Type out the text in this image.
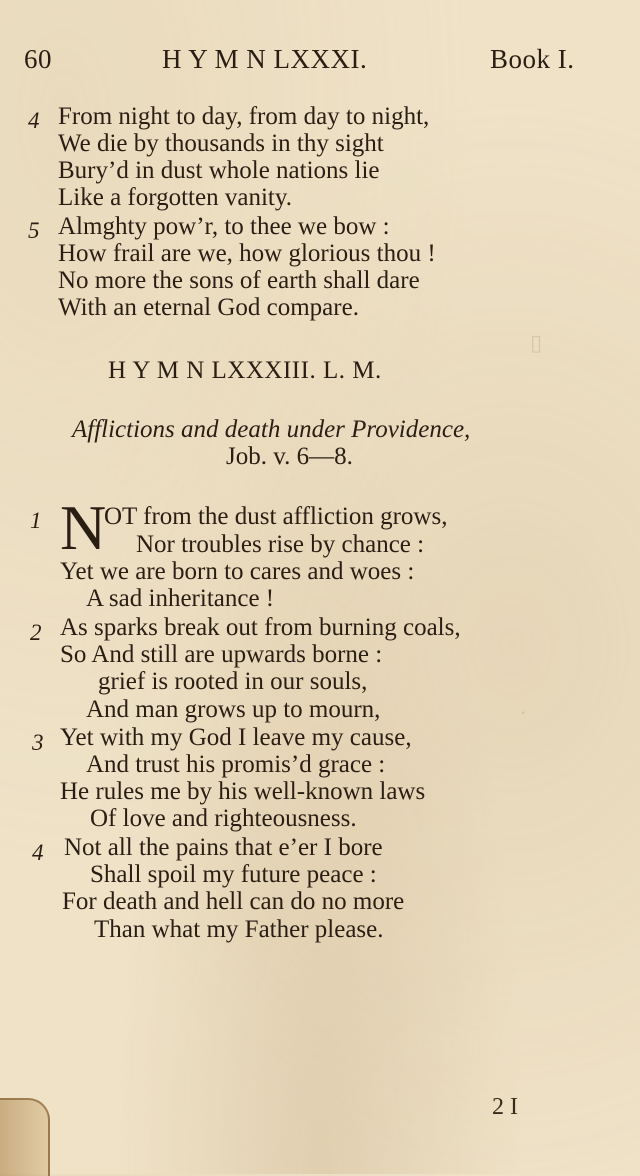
▯
·
60	H Y M N LXXXI.	Book I.
4 From night to day, from day to night,
We die by thousands in thy sight
Bury’d in dust whole nations lie
Like a forgotten vanity.
5 Almghty pow’r, to thee we bow :
How frail are we, how glorious thou !
No more the sons of earth shall dare
With an eternal God compare.
H Y M N LXXXIII. L. M.
Afflictions and death under Providence,
Job. v. 6—8.
1 N
OT from the dust affliction grows,
Nor troubles rise by chance :
Yet we are born to cares and woes :
A sad inheritance !
2 As sparks break out from burning coals,
So And still are upwards borne :
grief is rooted in our souls,
And man grows up to mourn,
3 Yet with my God I leave my cause,
And trust his promis’d grace :
He rules me by his well-known laws
Of love and righteousness.
4 Not all the pains that e’er I bore
Shall spoil my future peace :
For death and hell can do no more
Than what my Father please.
2 I
